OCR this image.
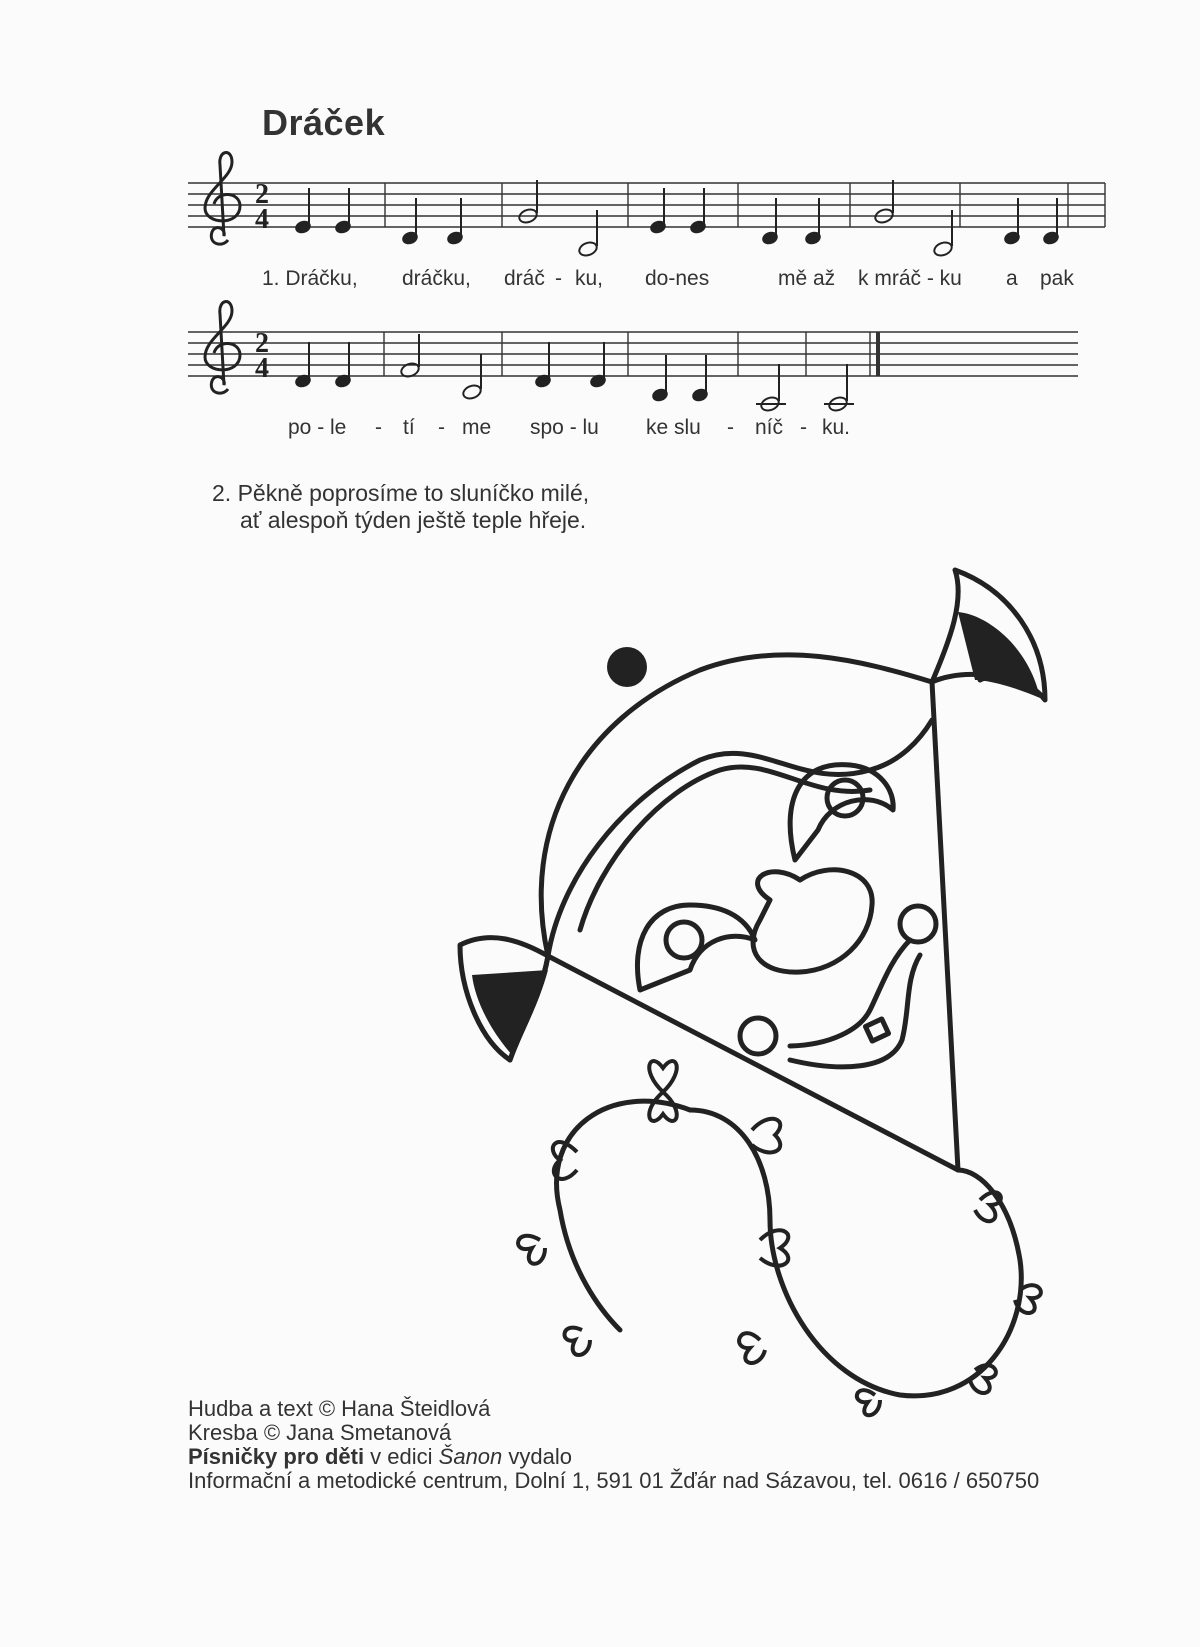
Dráček
2
4
2
4
1. Dráčku, dráčku, dráč - ku, do-nes	mě až k mráč - ku a pak
po - le - tí - me spo - lu ke slu - níč - ku.
2. Pěkně poprosíme to sluníčko milé,
ať alespoň týden ještě teple hřeje.
Hudba a text © Hana Šteidlová
Kresba © Jana Smetanová
Písničky pro děti v edici Šanon vydalo
Informační a metodické centrum, Dolní 1, 591 01 Žďár nad Sázavou, tel. 0616 / 650750
